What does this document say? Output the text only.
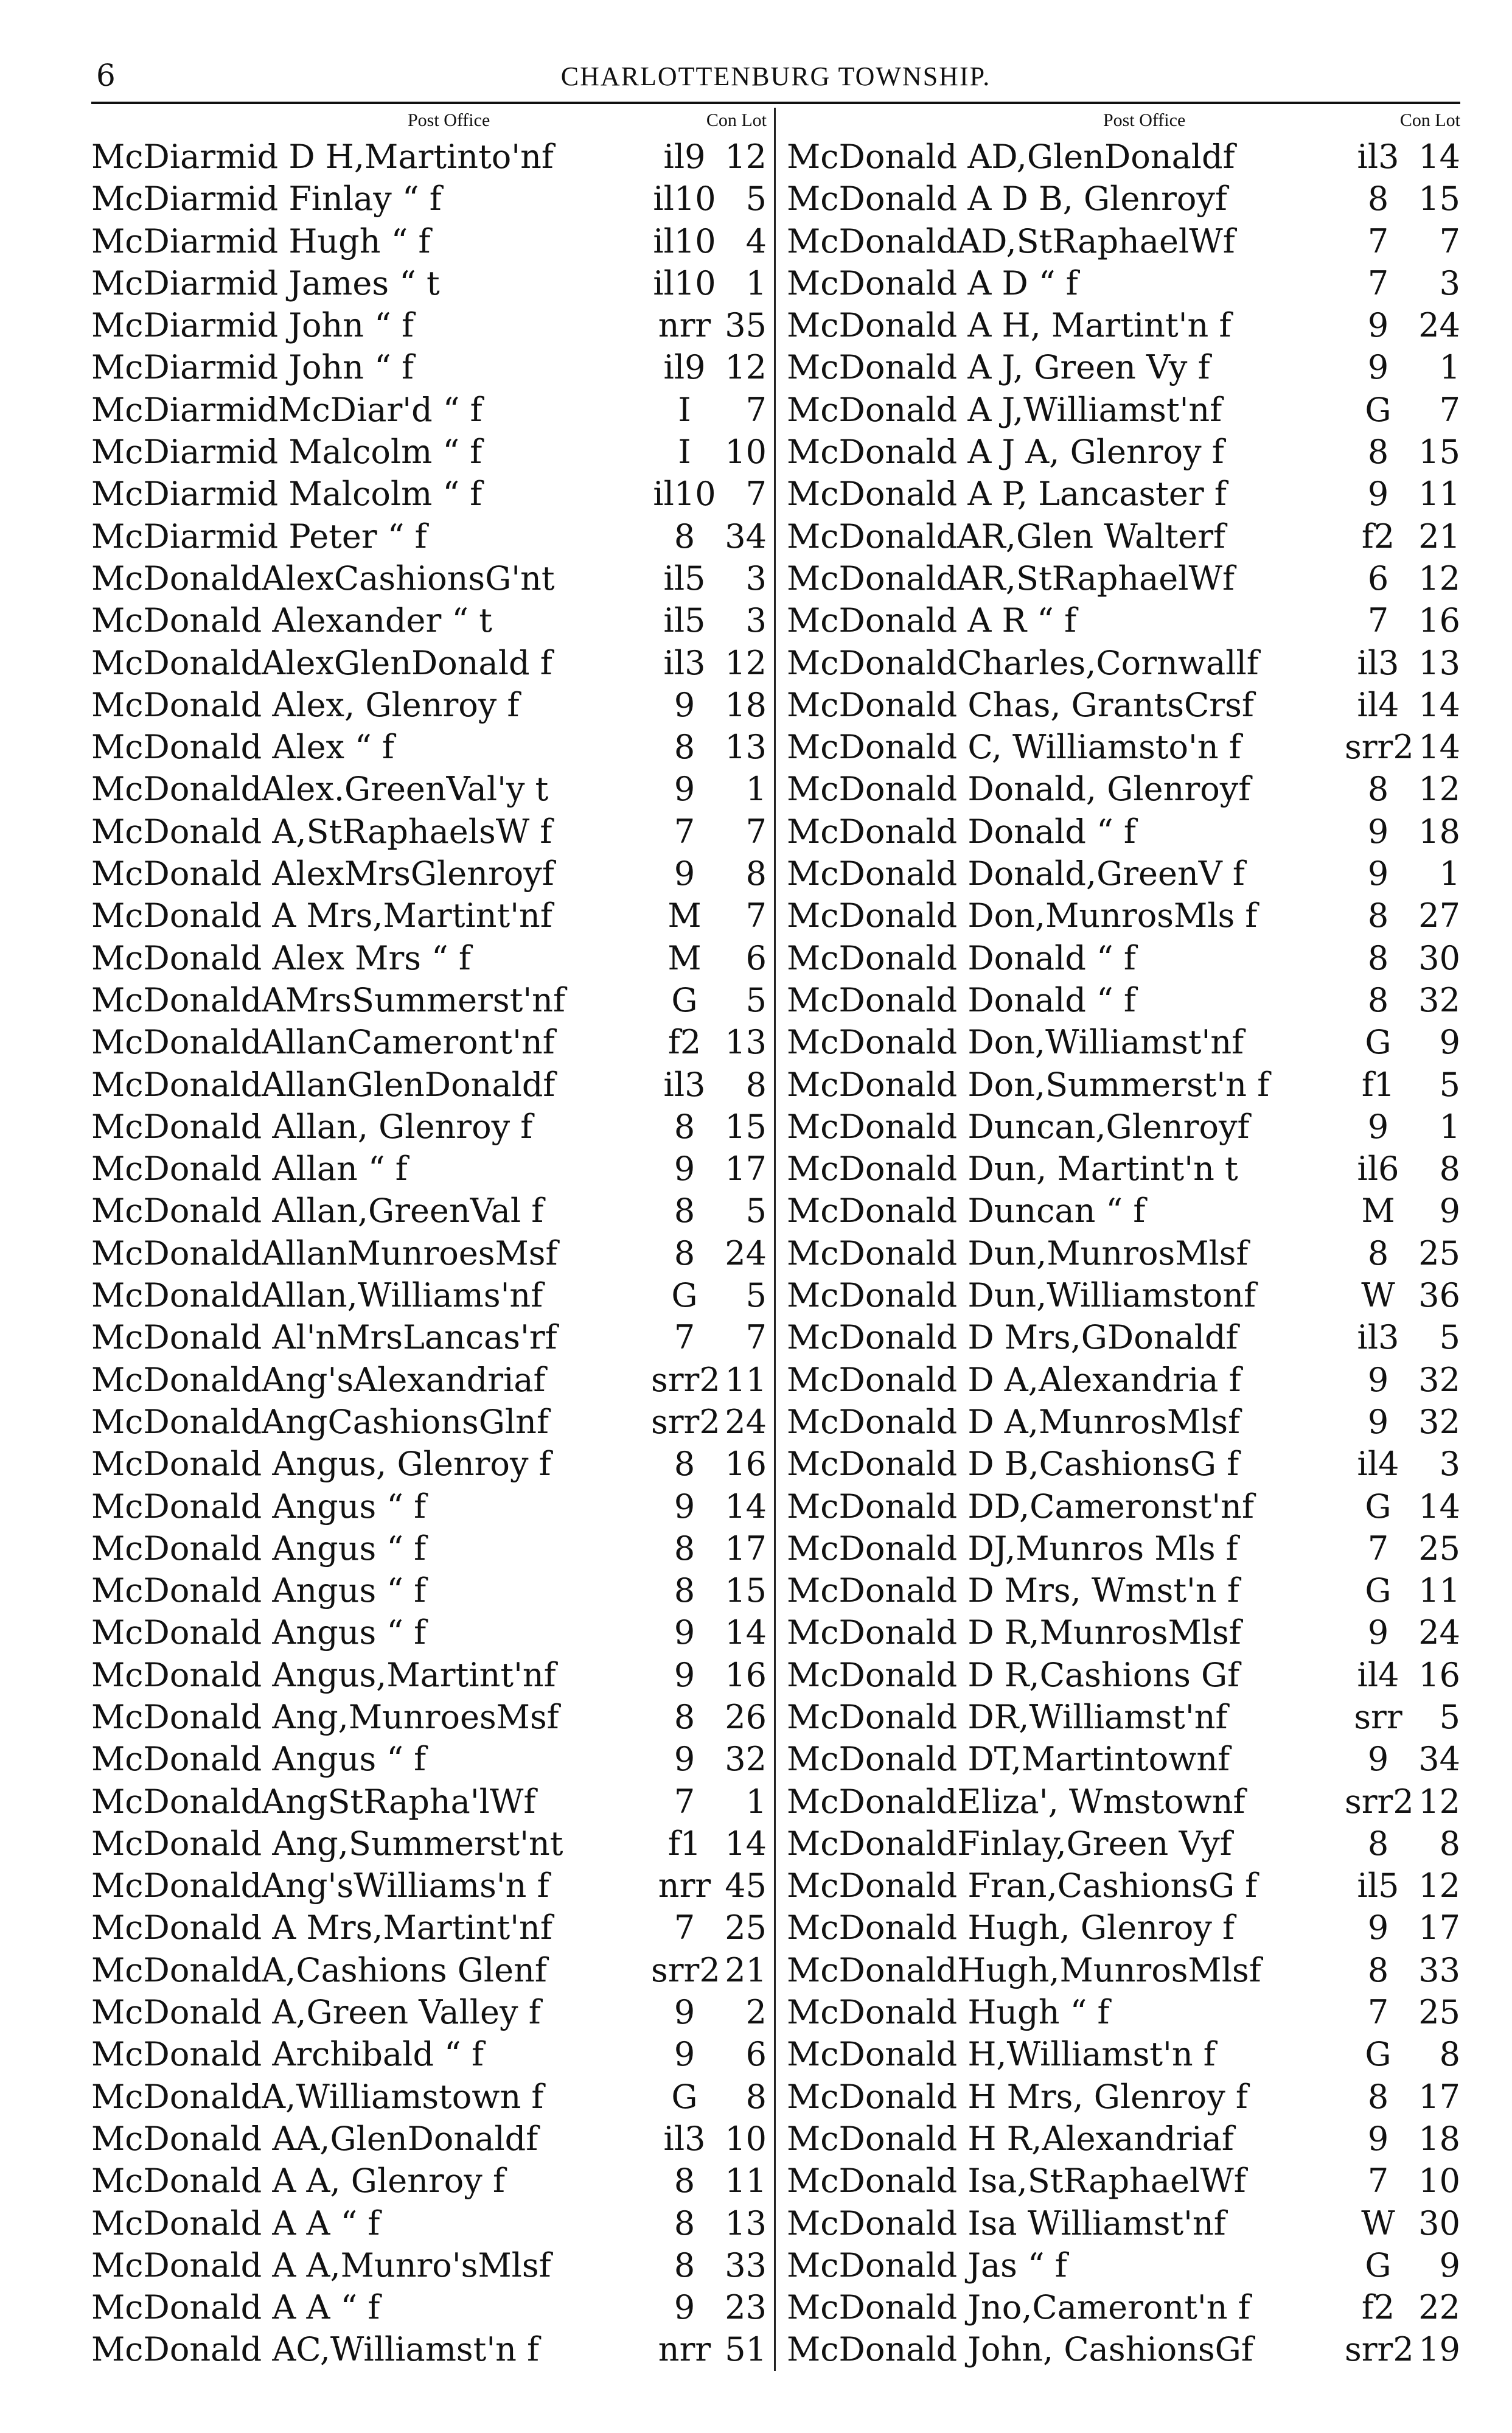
6	CHARLOTTENBURG TOWNSHIP.
Post Office	Con Lot
McDiarmid D H,Martinto'nf	il9 12
McDiarmid Finlay “ f	il10 5
McDiarmid Hugh “ f	il10 4
McDiarmid James “ t	il10 1
McDiarmid John “ f	nrr 35
McDiarmid John “ f	il9 12
McDiarmidMcDiar'd “ f	I	7
McDiarmid Malcolm “ f	I	10
McDiarmid Malcolm “ f	il10 7
McDiarmid Peter “ f	8 34
McDonaldAlexCashionsG'nt	il5	3
McDonald Alexander “ t	il5	3
McDonaldAlexGlenDonald f	il3 12
McDonald Alex, Glenroy f	9 18
McDonald Alex “ f	8 13
McDonaldAlex.GreenVal'y t	9	1
McDonald A,StRaphaelsW f	7	7
McDonald AlexMrsGlenroyf	9	8
McDonald A Mrs,Martint'nf	M	7
McDonald Alex Mrs “ f	M	6
McDonaldAMrsSummerst'nf	G	5
McDonaldAllanCameront'nf	f2 13
McDonaldAllanGlenDonaldf	il3	8
McDonald Allan, Glenroy f	8 15
McDonald Allan “ f	9 17
McDonald Allan,GreenVal f	8	5
McDonaldAllanMunroesMsf	8 24
McDonaldAllan,Williams'nf	G	5
McDonald Al'nMrsLancas'rf	7	7
McDonaldAng'sAlexandriaf	srr2 11
McDonaldAngCashionsGlnf	srr2 24
McDonald Angus, Glenroy f	8 16
McDonald Angus “ f	9 14
McDonald Angus “ f	8 17
McDonald Angus “ f	8 15
McDonald Angus “ f	9 14
McDonald Angus,Martint'nf	9 16
McDonald Ang,MunroesMsf	8 26
McDonald Angus “ f	9 32
McDonaldAngStRapha'lWf	7	1
McDonald Ang,Summerst'nt	f1 14
McDonaldAng'sWilliams'n f	nrr 45
McDonald A Mrs,Martint'nf	7 25
McDonaldA,Cashions Glenf	srr2 21
McDonald A,Green Valley f	9	2
McDonald Archibald “ f	9	6
McDonaldA,Williamstown f	G	8
McDonald AA,GlenDonaldf	il3 10
McDonald A A, Glenroy f	8 11
McDonald A A “ f	8 13
McDonald A A,Munro'sMlsf	8 33
McDonald A A “ f	9 23
McDonald AC,Williamst'n f	nrr 51
Post Office	Con Lot
McDonald AD,GlenDonaldf	il3 14
McDonald A D B, Glenroyf	8 15
McDonaldAD,StRaphaelWf	7	7
McDonald A D “ f	7	3
McDonald A H, Martint'n f	9 24
McDonald A J, Green Vy f	9	1
McDonald A J,Williamst'nf	G	7
McDonald A J A, Glenroy f	8 15
McDonald A P, Lancaster f	9 11
McDonaldAR,Glen Walterf	f2 21
McDonaldAR,StRaphaelWf	6 12
McDonald A R “ f	7 16
McDonaldCharles,Cornwallf	il3 13
McDonald Chas, GrantsCrsf	il4 14
McDonald C, Williamsto'n f	srr2 14
McDonald Donald, Glenroyf	8 12
McDonald Donald “ f	9 18
McDonald Donald,GreenV f	9	1
McDonald Don,MunrosMls f	8 27
McDonald Donald “ f	8 30
McDonald Donald “ f	8 32
McDonald Don,Williamst'nf	G	9
McDonald Don,Summerst'n f	f1	5
McDonald Duncan,Glenroyf	9	1
McDonald Dun, Martint'n t	il6	8
McDonald Duncan “ f	M	9
McDonald Dun,MunrosMlsf	8 25
McDonald Dun,Williamstonf	W 36
McDonald D Mrs,GDonaldf	il3	5
McDonald D A,Alexandria f	9 32
McDonald D A,MunrosMlsf	9 32
McDonald D B,CashionsG f	il4	3
McDonald DD,Cameronst'nf	G 14
McDonald DJ,Munros Mls f	7 25
McDonald D Mrs, Wmst'n f	G 11
McDonald D R,MunrosMlsf	9 24
McDonald D R,Cashions Gf	il4 16
McDonald DR,Williamst'nf	srr	5
McDonald DT,Martintownf	9 34
McDonaldEliza', Wmstownf	srr2 12
McDonaldFinlay,Green Vyf	8	8
McDonald Fran,CashionsG f	il5 12
McDonald Hugh, Glenroy f	9 17
McDonaldHugh,MunrosMlsf	8 33
McDonald Hugh “ f	7 25
McDonald H,Williamst'n f	G	8
McDonald H Mrs, Glenroy f	8 17
McDonald H R,Alexandriaf	9 18
McDonald Isa,StRaphaelWf	7 10
McDonald Isa Williamst'nf	W 30
McDonald Jas “ f	G	9
McDonald Jno,Cameront'n f	f2 22
McDonald John, CashionsGf	srr2 19
